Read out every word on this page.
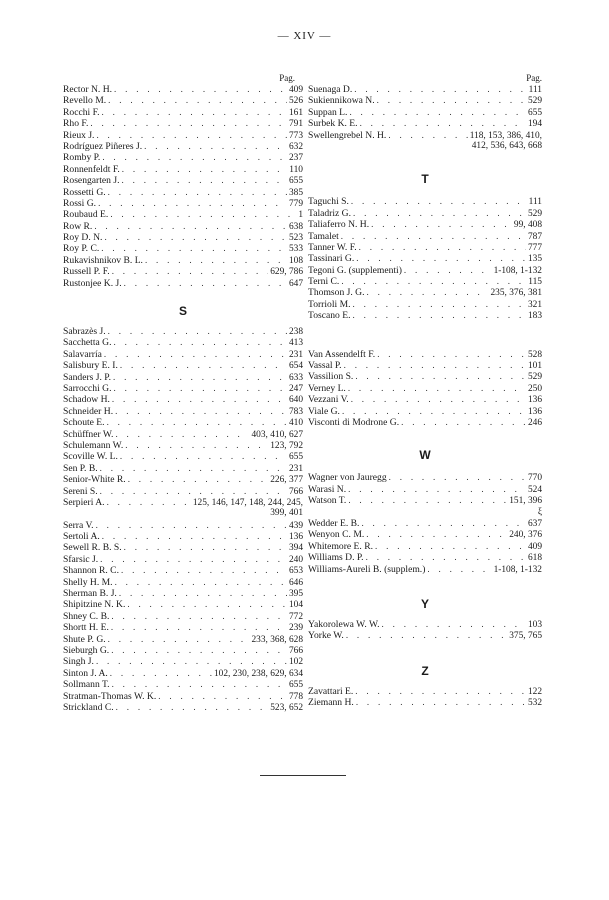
— XIV —
Pag.	Pag.
Rector N. H. . . .	409
Revello M. . . .	526
Rocchi F. . . .	161
Rho F. . . .	791
Rieux J. . . .	773
Rodríguez Piñeres J. . . .	632
Romby P. . . .	237
Ronnenfeldt F. . . .	110
Rosengarten J. . . .	655
Rossetti G. . . .	385
Rossi G. . . .	779
Roubaud E. . . .	1
Row R. . . .	638
Roy D. N. . . .	523
Roy P. C. . . .	533
Rukavishnikov B. L. . . .	108
Russell P. F. . . .	629, 786
Rustonjee K. J. . . .	647
S
Sabrazès J. . . .	238
Sacchetta G. . . .	413
Salavarría . . .	231
Salisbury E. I. . . .	654
Sanders J. P. . . .	633
Sarrocchi G. . . .	247
Schadow H. . . .	640
Schneider H. . . .	783
Schoute E. . . .	410
Schüffner W. . . .	403, 410, 627
Schulemann W. . . .	123, 792
Scoville W. L. . . .	655
Sen P. B. . . .	231
Senior-White R. . . .	226, 377
Sereni S. . . .	766
Serpieri A. . . .	125, 146, 147, 148, 244, 245,
399, 401
Serra V. . . .	439
Sertoli A. . . .	136
Sewell R. B. S. . . .	394
Sfarsic J. . . .	240
Shannon R. C. . . .	653
Shelly H. M. . . .	646
Sherman B. J. . . .	395
Shipitzine N. K. . . .	104
Shney C. B. . . .	772
Shortt H. E. . . .	239
Shute P. G. . . .	233, 368, 628
Sieburgh G. . . .	766
Singh J. . . .	102
Sinton J. A. . . .	102, 230, 238, 629, 634
Sollmann T. . . .	655
Stratman-Thomas W. K. . . .	778
Strickland C. . . .	523, 652
Suenaga D. . . .	111
Sukiennikowa N. . . .	529
Suppan L. . . .	655
Surbek K. E. . . .	194
Swellengrebel N. H. . . .	118, 153, 386, 410,
412, 536, 643, 668
T
Taguchi S. . . .	111
Taladriz G. . . .	529
Taliaferro N. H. . . .	99, 408
Tamalet . . .	787
Tanner W. F. . . .	777
Tassinari G. . . .	135
Tegoni G. (supplementi) . . .	1-108, 1-132
Terni C. . . .	115
Thomson J. G. . . .	235, 376, 381
Torrioli M. . . .	321
Toscano E. . . .	183
Van Assendelft F. . . .	528
Vassal P. . . .	101
Vassilion S. . . .	529
Verney L. . . .	250
Vezzani V. . . .	136
Viale G. . . .	136
Visconti di Modrone G. . . .	246
W
Wagner von Jauregg . . .	770
Warasi N. . . .	524
Watson T. . . .	151, 396
ξ
Wedder E. B. . . .	637
Wenyon C. M. . . .	240, 376
Whitemore E. R. . . .	409
Williams D. P. . . .	618
Williams-Aureli B. (supplem.) . . .	1-108, 1-132
Y
Yakorolewa W. W. . . .	103
Yorke W. . . .	375, 765
Z
Zavattari E. . . .	122
Ziemann H. . . .	532
